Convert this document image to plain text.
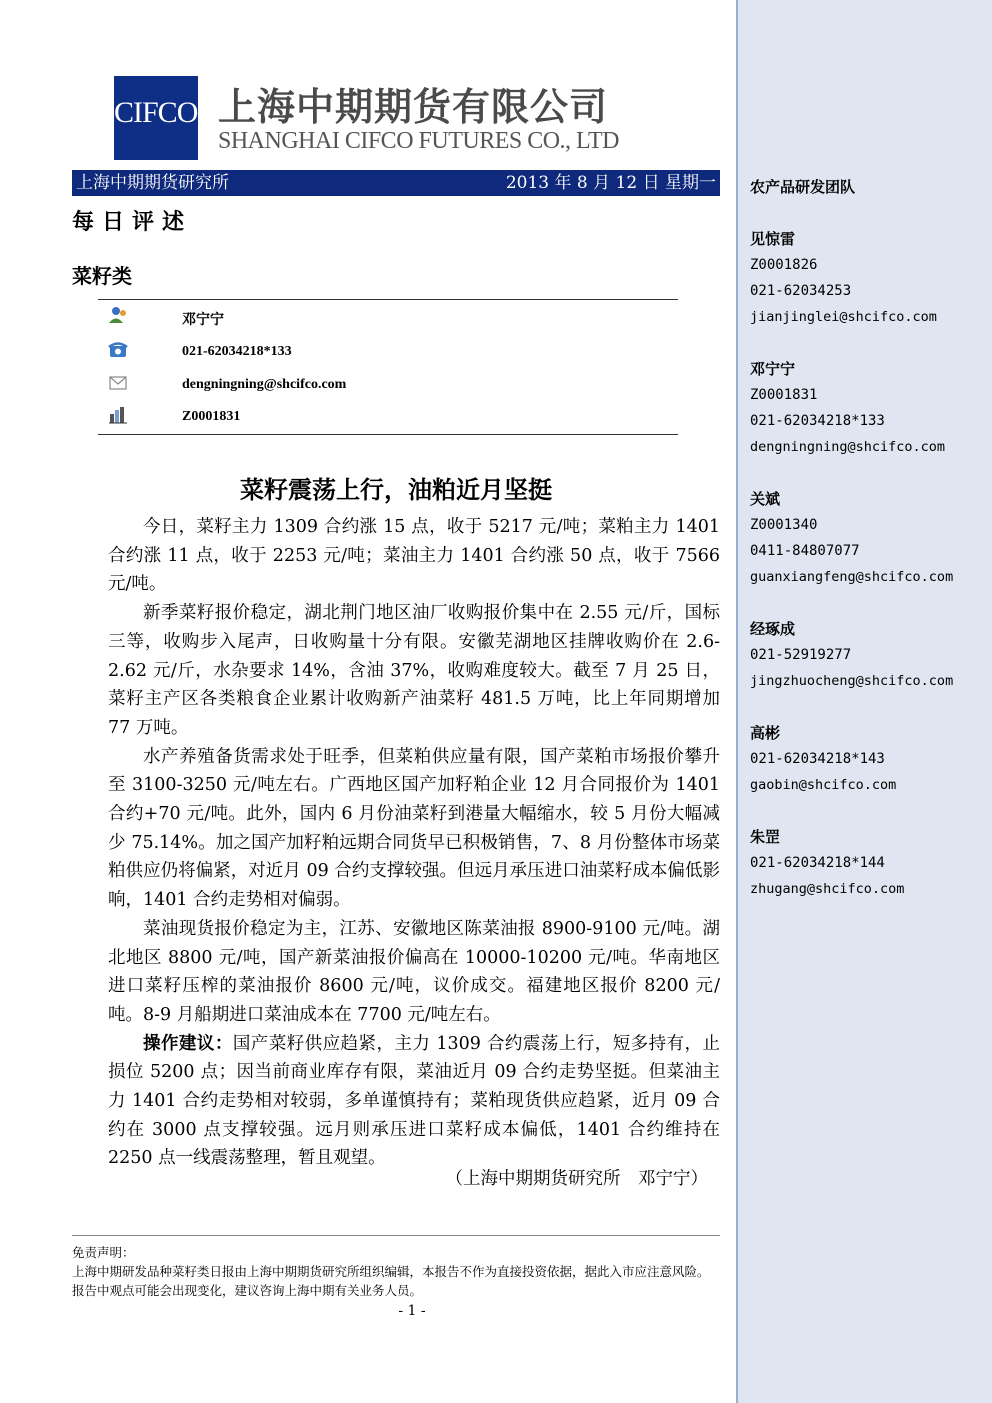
农产品研发团队
见惊雷
Z0001826
021-62034253
jianjinglei@shcifco.com
邓宁宁
Z0001831
021-62034218*133
dengningning@shcifco.com
关斌
Z0001340
0411-84807077
guanxiangfeng@shcifco.com
经琢成
021-52919277
jingzhuocheng@shcifco.com
高彬
021-62034218*143
gaobin@shcifco.com
朱罡
021-62034218*144
zhugang@shcifco.com
CIFCO 上海中期期货有限公司
SHANGHAI CIFCO FUTURES CO., LTD
上海中期期货研究所	2013 年 8 月 12 日 星期一
每日评述
菜籽类
邓宁宁
021-62034218*133
dengningning@shcifco.com
Z0001831
菜籽震荡上行，油粕近月坚挺

今日，菜籽主力 1309 合约涨 15 点，收于 5217 元/吨；菜粕主力 1401 合约涨 11 点，收于 2253 元/吨；菜油主力 1401 合约涨 50 点，收于 7566 元/吨。

新季菜籽报价稳定，湖北荆门地区油厂收购报价集中在 2.55 元/斤，国标三等，收购步入尾声，日收购量十分有限。安徽芜湖地区挂牌收购价在 2.6-2.62 元/斤，水杂要求 14%，含油 37%，收购难度较大。截至 7 月 25 日，菜籽主产区各类粮食企业累计收购新产油菜籽 481.5 万吨，比上年同期增加 77 万吨。

水产养殖备货需求处于旺季，但菜粕供应量有限，国产菜粕市场报价攀升至 3100-3250 元/吨左右。广西地区国产加籽粕企业 12 月合同报价为 1401 合约+70 元/吨。此外，国内 6 月份油菜籽到港量大幅缩水，较 5 月份大幅减少 75.14%。加之国产加籽粕远期合同货早已积极销售，7、8 月份整体市场菜粕供应仍将偏紧，对近月 09 合约支撑较强。但远月承压进口油菜籽成本偏低影响，1401 合约走势相对偏弱。

菜油现货报价稳定为主，江苏、安徽地区陈菜油报 8900-9100 元/吨。湖北地区 8800 元/吨，国产新菜油报价偏高在 10000-10200 元/吨。华南地区进口菜籽压榨的菜油报价 8600 元/吨，议价成交。福建地区报价 8200 元/吨。8-9 月船期进口菜油成本在 7700 元/吨左右。

操作建议：国产菜籽供应趋紧，主力 1309 合约震荡上行，短多持有，止损位 5200 点；因当前商业库存有限，菜油近月 09 合约走势坚挺。但菜油主力 1401 合约走势相对较弱，多单谨慎持有；菜粕现货供应趋紧，近月 09 合约在 3000 点支撑较强。远月则承压进口菜籽成本偏低，1401 合约维持在 2250 点一线震荡整理，暂且观望。

（上海中期期货研究所　邓宁宁）
免责声明：
上海中期研发品种菜籽类日报由上海中期期货研究所组织编辑，本报告不作为直接投资依据，据此入市应注意风险。报告中观点可能会出现变化，建议咨询上海中期有关业务人员。
- 1 -
